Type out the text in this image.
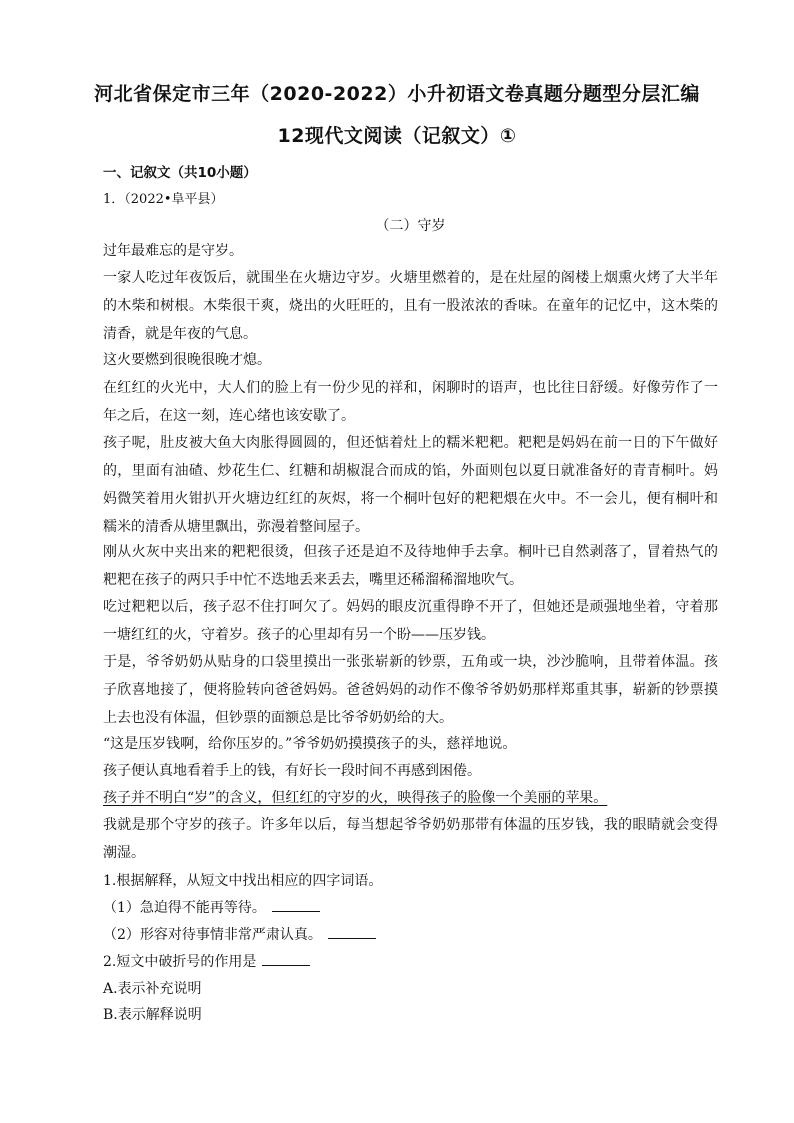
河北省保定市三年（2020-2022）小升初语文卷真题分题型分层汇编
12现代文阅读（记叙文）①
一、记叙文（共10小题）
1．（2022•阜平县）
（二）守岁
过年最难忘的是守岁。
一家人吃过年夜饭后，就围坐在火塘边守岁。火塘里燃着的，是在灶屋的阁楼上烟熏火烤了大半年的木柴和树根。木柴很干爽，烧出的火旺旺的，且有一股浓浓的香味。在童年的记忆中，这木柴的清香，就是年夜的气息。
这火要燃到很晚很晚才熄。
在红红的火光中，大人们的脸上有一份少见的祥和，闲聊时的语声，也比往日舒缓。好像劳作了一年之后，在这一刻，连心绪也该安歇了。
孩子呢，肚皮被大鱼大肉胀得圆圆的，但还惦着灶上的糯米粑粑。粑粑是妈妈在前一日的下午做好的，里面有油碴、炒花生仁、红糖和胡椒混合而成的馅，外面则包以夏日就准备好的青青桐叶。妈妈微笑着用火钳扒开火塘边红红的灰烬，将一个桐叶包好的粑粑煨在火中。不一会儿，便有桐叶和糯米的清香从塘里飘出，弥漫着整间屋子。
刚从火灰中夹出来的粑粑很烫，但孩子还是迫不及待地伸手去拿。桐叶已自然剥落了，冒着热气的粑粑在孩子的两只手中忙不迭地丢来丢去，嘴里还稀溜稀溜地吹气。
吃过粑粑以后，孩子忍不住打呵欠了。妈妈的眼皮沉重得睁不开了，但她还是顽强地坐着，守着那一塘红红的火，守着岁。孩子的心里却有另一个盼——压岁钱。
于是，爷爷奶奶从贴身的口袋里摸出一张张崭新的钞票，五角或一块，沙沙脆响，且带着体温。孩子欣喜地接了，便将脸转向爸爸妈妈。爸爸妈妈的动作不像爷爷奶奶那样郑重其事，崭新的钞票摸上去也没有体温，但钞票的面额总是比爷爷奶奶给的大。
“这是压岁钱啊，给你压岁的。”爷爷奶奶摸摸孩子的头，慈祥地说。
孩子便认真地看着手上的钱，有好长一段时间不再感到困倦。
孩子并不明白“岁”的含义，但红红的守岁的火，映得孩子的脸像一个美丽的苹果。
我就是那个守岁的孩子。许多年以后，每当想起爷爷奶奶那带有体温的压岁钱，我的眼睛就会变得潮湿。
1.根据解释，从短文中找出相应的四字词语。
（1）急迫得不能再等待。
（2）形容对待事情非常严肃认真。
2.短文中破折号的作用是
A.表示补充说明
B.表示解释说明
